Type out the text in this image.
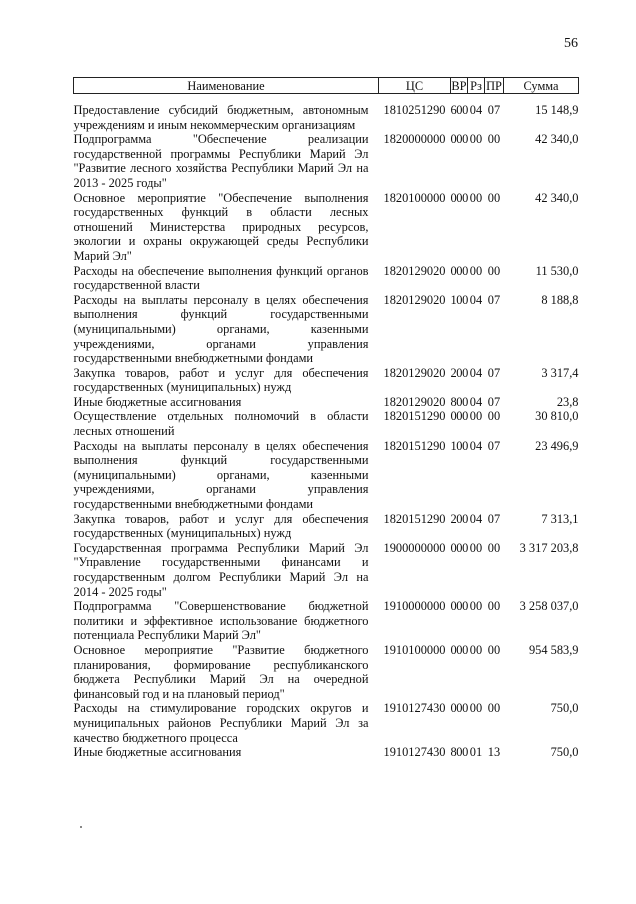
56
Наименование	ЦС	ВР	Рз	ПР	Сумма

Предоставление субсидий бюджетным, автономным учреждениям и иным некоммерческим организациям	1810251290	600	04	07	15 148,9
Подпрограмма "Обеспечение реализации государственной программы Республики Марий Эл "Развитие лесного хозяйства Республики Марий Эл на 2013 - 2025 годы"	1820000000	000	00	00	42 340,0
Основное мероприятие "Обеспечение выполнения государственных функций в области лесных отношений Министерства природных ресурсов, экологии и охраны окружающей среды Республики Марий Эл"	1820100000	000	00	00	42 340,0
Расходы на обеспечение выполнения функций органов государственной власти	1820129020	000	00	00	11 530,0
Расходы на выплаты персоналу в целях обеспечения выполнения функций государственными (муниципальными) органами, казенными учреждениями, органами управления государственными внебюджетными фондами	1820129020	100	04	07	8 188,8
Закупка товаров, работ и услуг для обеспечения государственных (муниципальных) нужд	1820129020	200	04	07	3 317,4
Иные бюджетные ассигнования	1820129020	800	04	07	23,8
Осуществление отдельных полномочий в области лесных отношений	1820151290	000	00	00	30 810,0
Расходы на выплаты персоналу в целях обеспечения выполнения функций государственными (муниципальными) органами, казенными учреждениями, органами управления государственными внебюджетными фондами	1820151290	100	04	07	23 496,9
Закупка товаров, работ и услуг для обеспечения государственных (муниципальных) нужд	1820151290	200	04	07	7 313,1
Государственная программа Республики Марий Эл "Управление государственными финансами и государственным долгом Республики Марий Эл на 2014 - 2025 годы"	1900000000	000	00	00	3 317 203,8
Подпрограмма "Совершенствование бюджетной политики и эффективное использование бюджетного потенциала Республики Марий Эл"	1910000000	000	00	00	3 258 037,0
Основное мероприятие "Развитие бюджетного планирования, формирование республиканского бюджета Республики Марий Эл на очередной финансовый год и на плановый период"	1910100000	000	00	00	954 583,9
Расходы на стимулирование городских округов и муниципальных районов Республики Марий Эл за качество бюджетного процесса	1910127430	000	00	00	750,0
Иные бюджетные ассигнования	1910127430	800	01	13	750,0
